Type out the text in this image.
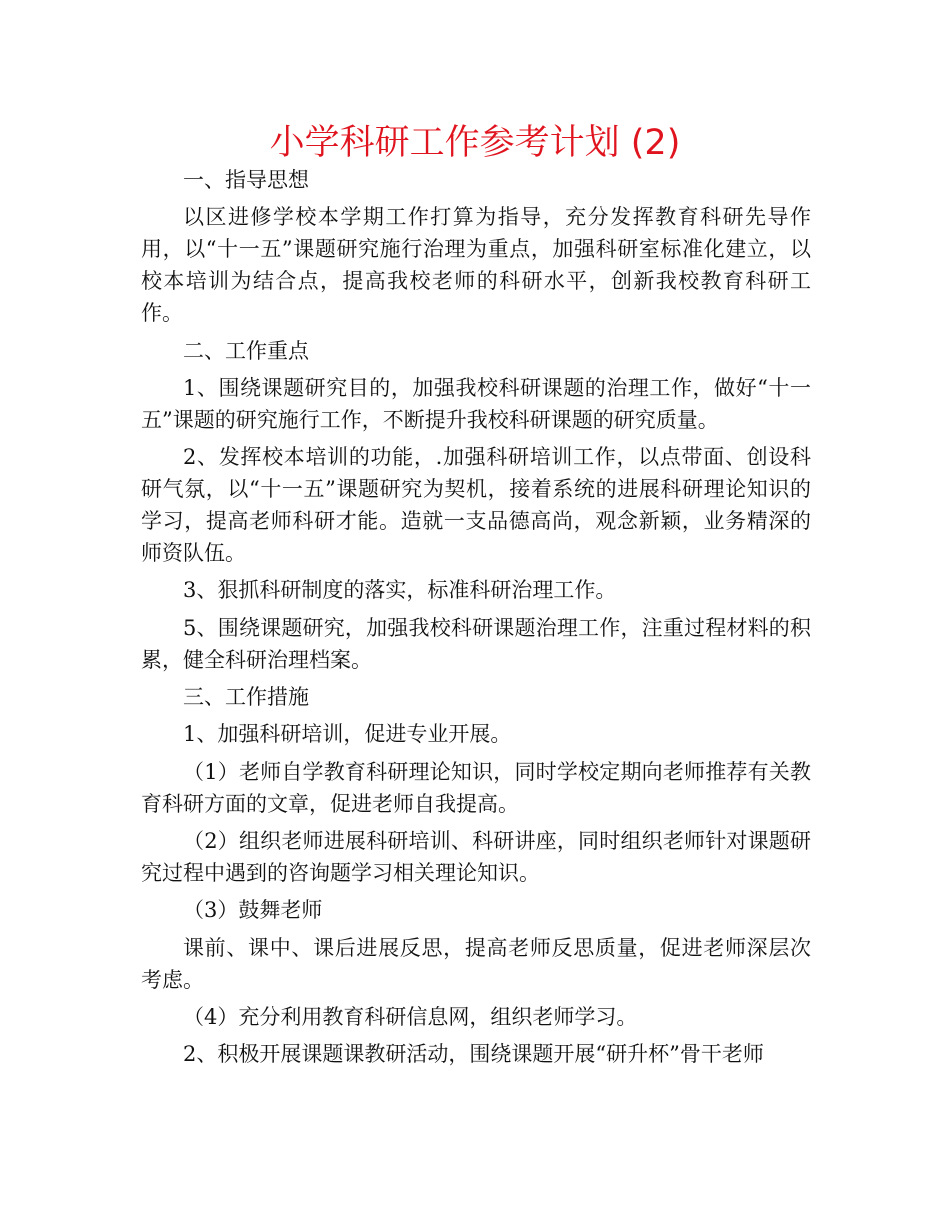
小学科研工作参考计划 (2)

一、指导思想

以区进修学校本学期工作打算为指导，充分发挥教育科研先导作用，以“十一五”课题研究施行治理为重点，加强科研室标准化建立，以校本培训为结合点，提高我校老师的科研水平，创新我校教育科研工作。

二、工作重点

1、围绕课题研究目的，加强我校科研课题的治理工作，做好“十一五”课题的研究施行工作，不断提升我校科研课题的研究质量。

2、发挥校本培训的功能，.加强科研培训工作，以点带面、创设科研气氛，以“十一五”课题研究为契机，接着系统的进展科研理论知识的学习，提高老师科研才能。造就一支品德高尚，观念新颖，业务精深的师资队伍。

3、狠抓科研制度的落实，标准科研治理工作。

5、围绕课题研究，加强我校科研课题治理工作，注重过程材料的积累，健全科研治理档案。

三、工作措施

1、加强科研培训，促进专业开展。

（1）老师自学教育科研理论知识，同时学校定期向老师推荐有关教育科研方面的文章，促进老师自我提高。

（2）组织老师进展科研培训、科研讲座，同时组织老师针对课题研究过程中遇到的咨询题学习相关理论知识。

（3）鼓舞老师

课前、课中、课后进展反思，提高老师反思质量，促进老师深层次考虑。

（4）充分利用教育科研信息网，组织老师学习。

2、积极开展课题课教研活动，围绕课题开展“研升杯”骨干老师
